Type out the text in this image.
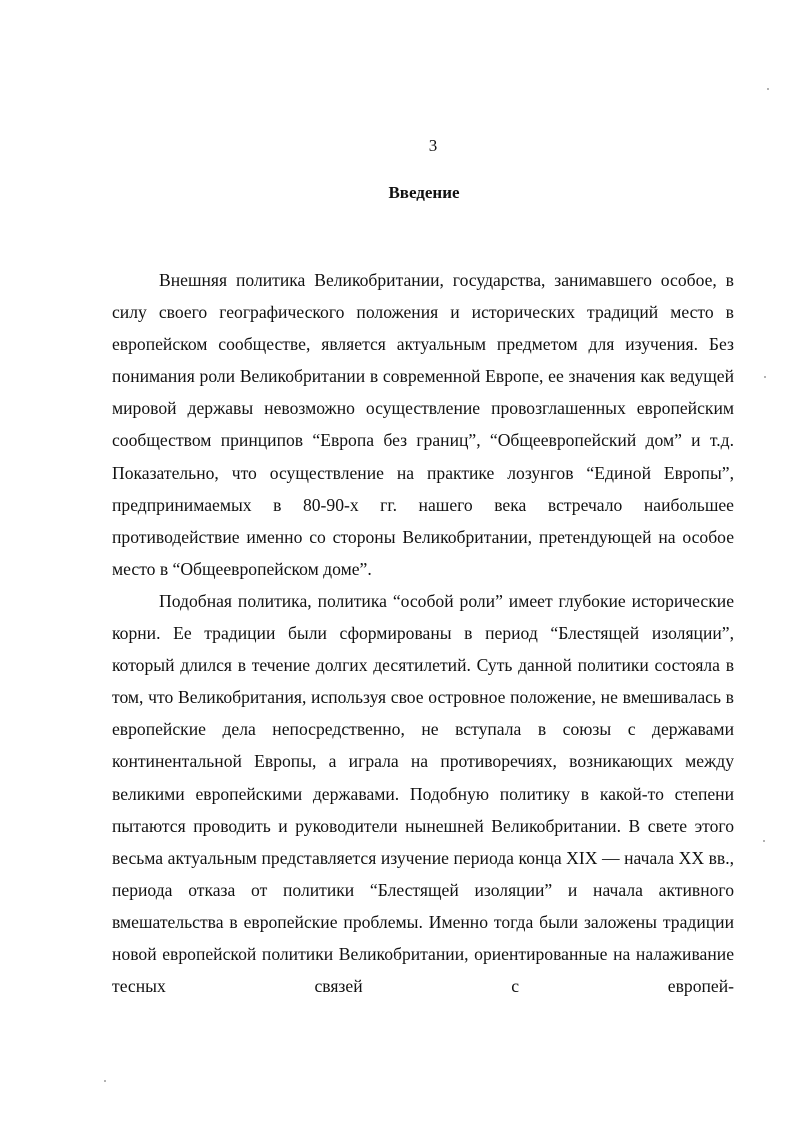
3
Введение

Внешняя политика Великобритании, государства, занимавшего особое, в силу своего географического положения и исторических традиций место в европейском сообществе, является актуальным предметом для изучения. Без понимания роли Великобритании в современной Европе, ее значения как ведущей мировой державы невозможно осуществление провозглашенных европейским сообществом принципов “Европа без границ”, “Общеевропейский дом” и т.д. Показательно, что осуществление на практике лозунгов “Единой Европы”, предпринимаемых в 80-90-х гг. нашего века встречало наибольшее противодействие именно со стороны Великобритании, претендующей на особое место в “Общеевропейском доме”.

Подобная политика, политика “особой роли” имеет глубокие исторические корни. Ее традиции были сформированы в период “Блестящей изоляции”, который длился в течение долгих десятилетий. Суть данной политики состояла в том, что Великобритания, используя свое островное положение, не вмешивалась в европейские дела непосредственно, не вступала в союзы с державами континентальной Европы, а играла на противоречиях, возникающих между великими европейскими державами. Подобную политику в какой-то степени пытаются проводить и руководители нынешней Великобритании. В свете этого весьма актуальным представляется изучение периода конца XIX — начала XX вв., периода отказа от политики “Блестящей изоляции” и начала активного вмешательства в европейские проблемы. Именно тогда были заложены традиции новой европейской политики Великобритании, ориентированные на налаживание тесных связей с европей-
